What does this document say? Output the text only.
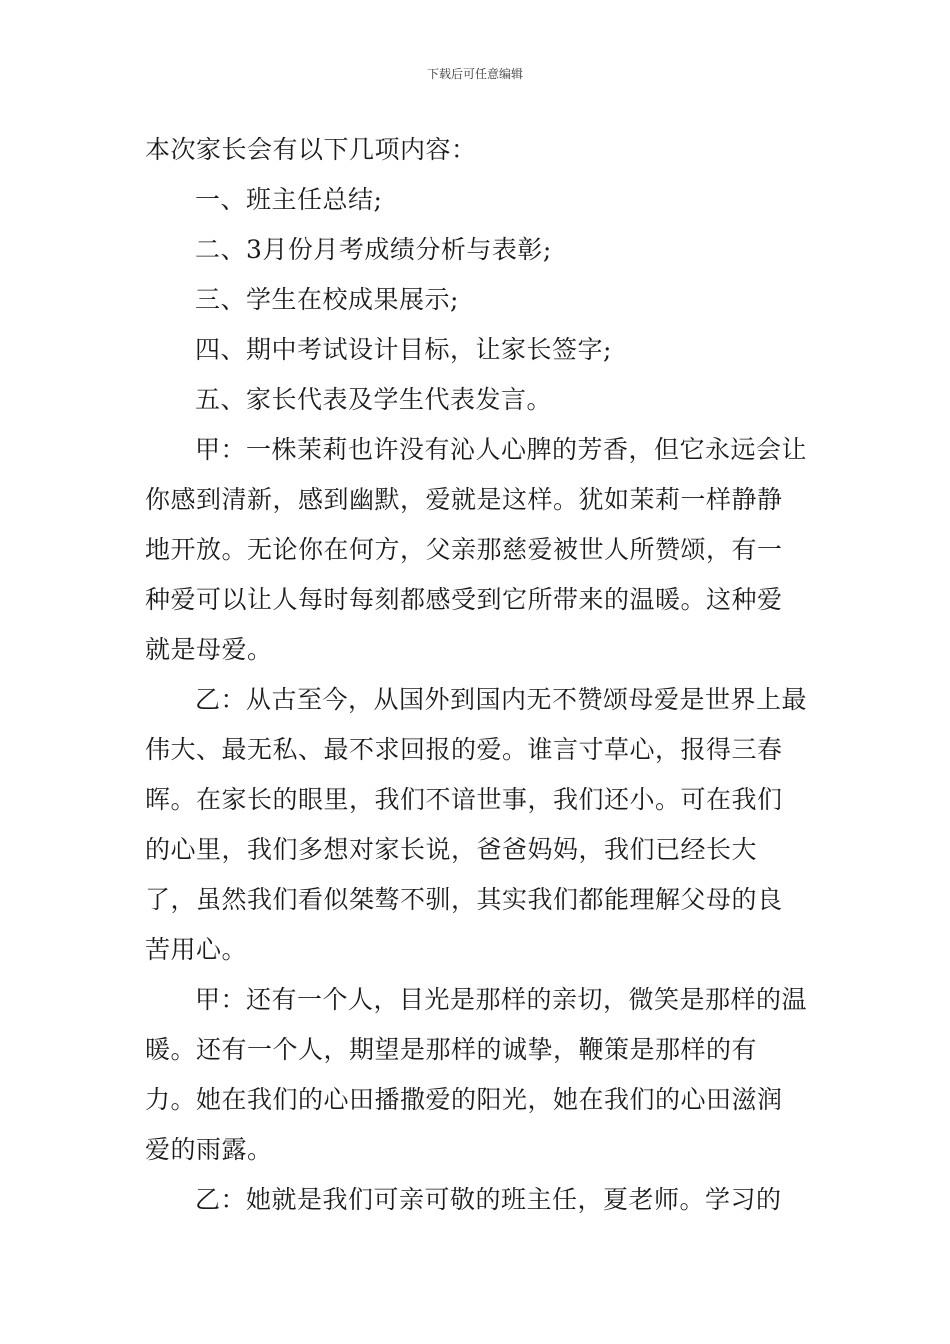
下载后可任意编辑

本次家长会有以下几项内容：

一、班主任总结;

二、3月份月考成绩分析与表彰;

三、学生在校成果展示;

四、期中考试设计目标，让家长签字;

五、家长代表及学生代表发言。

甲：一株茉莉也许没有沁人心脾的芳香，但它永远会让你感到清新，感到幽默，爱就是这样。犹如茉莉一样静静地开放。无论你在何方，父亲那慈爱被世人所赞颂，有一种爱可以让人每时每刻都感受到它所带来的温暖。这种爱就是母爱。

乙：从古至今，从国外到国内无不赞颂母爱是世界上最伟大、最无私、最不求回报的爱。谁言寸草心，报得三春晖。在家长的眼里，我们不谙世事，我们还小。可在我们的心里，我们多想对家长说，爸爸妈妈，我们已经长大了，虽然我们看似桀骜不驯，其实我们都能理解父母的良苦用心。

甲：还有一个人，目光是那样的亲切，微笑是那样的温暖。还有一个人，期望是那样的诚挚，鞭策是那样的有力。她在我们的心田播撒爱的阳光，她在我们的心田滋润爱的雨露。

乙：她就是我们可亲可敬的班主任，夏老师。学习的
